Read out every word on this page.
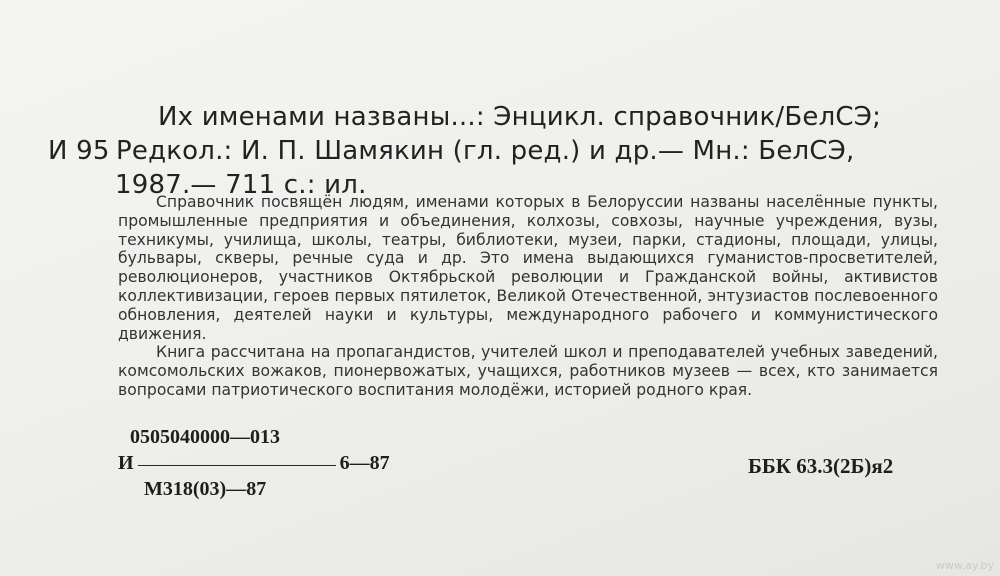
Их именами названы...: Энцикл. справочник/БелСЭ;
И 95 Редкол.: И. П. Шамякин (гл. ред.) и др.— Мн.: БелСЭ,
1987.— 711 с.: ил.

Справочник посвящён людям, именами которых в Белоруссии названы населённые пункты, промышленные предприятия и объединения, колхозы, совхозы, научные учреждения, вузы, техникумы, училища, школы, театры, библиотеки, музеи, парки, стадионы, площади, улицы, бульвары, скверы, речные суда и др. Это имена выдающихся гуманистов-просветителей, революционеров, участников Октябрьской революции и Гражданской войны, активистов коллективизации, героев первых пятилеток, Великой Отечественной, энтузиастов послевоенного обновления, деятелей науки и культуры, международного рабочего и коммунистического движения.

Книга рассчитана на пропагандистов, учителей школ и преподавателей учебных заведений, комсомольских вожаков, пионервожатых, учащихся, работников музеев — всех, кто занимается вопросами патриотического воспитания молодёжи, историей родного края.

0505040000—013
И	6—87
М318(03)—87
ББК 63.3(2Б)я2
www.ay.by
